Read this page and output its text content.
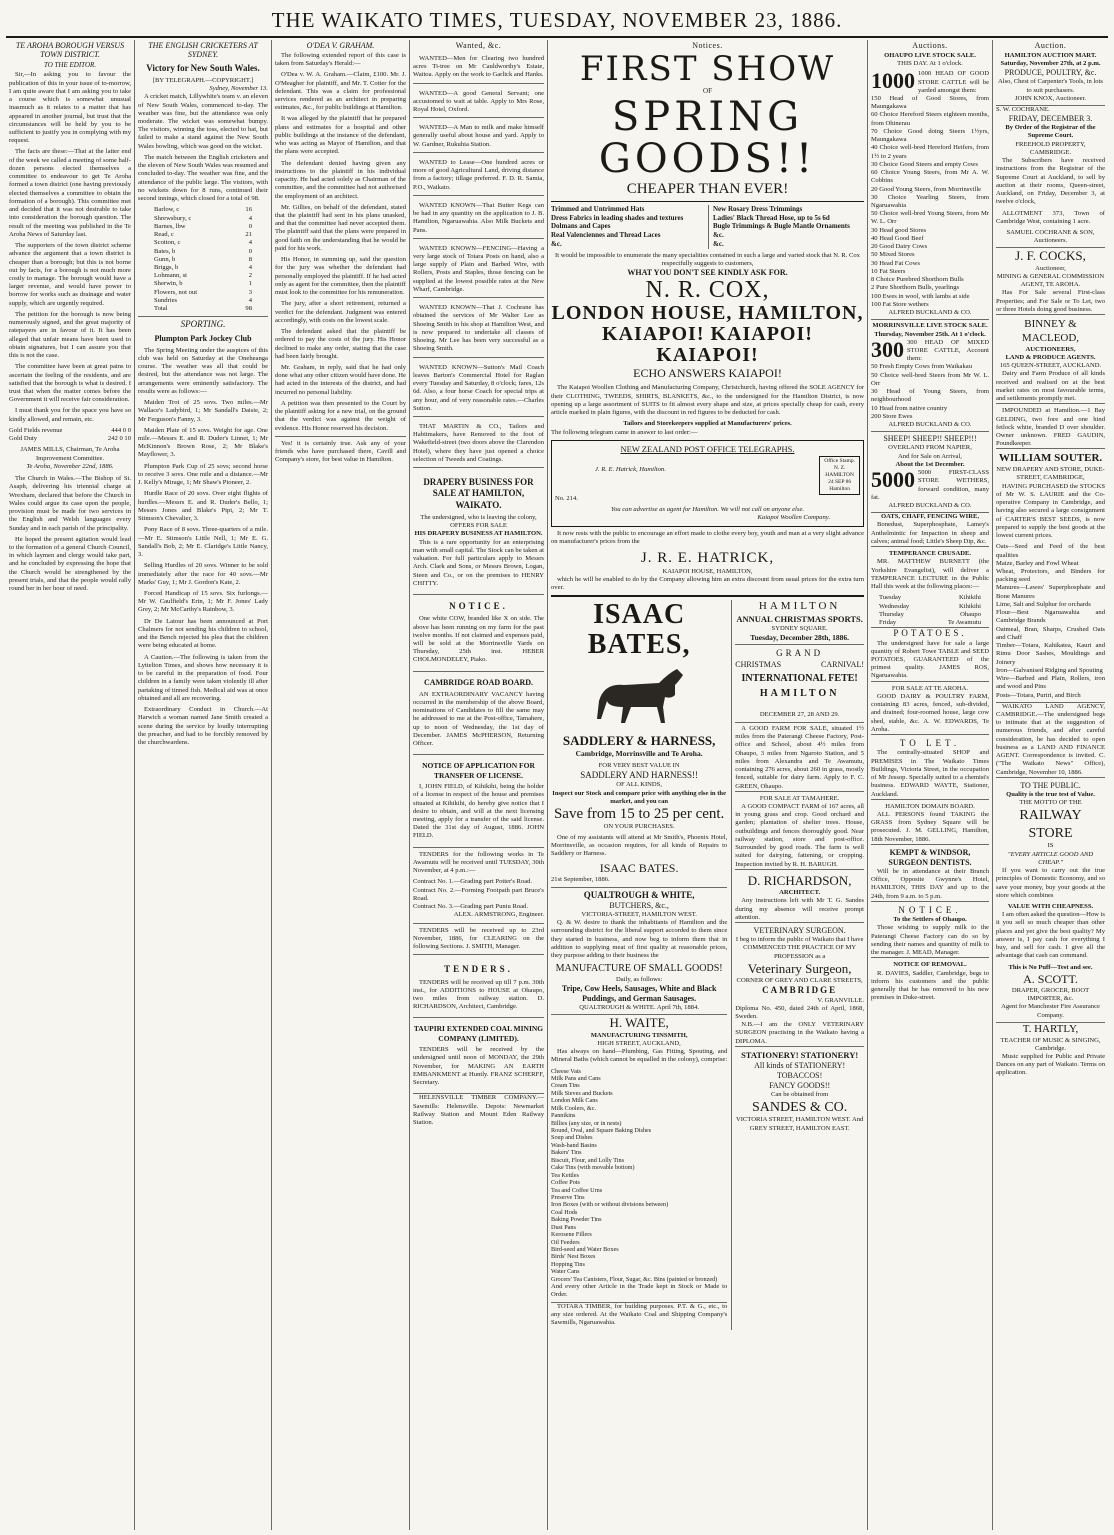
THE WAIKATO TIMES, TUESDAY, NOVEMBER 23, 1886.
TE AROHA BOROUGH VERSUS TOWN DISTRICT.
TO THE EDITOR.
Sir,—In asking you to favour the publication of this in your issue of to-morrow, I am quite aware that I am asking you to take a course which is somewhat unusual inasmuch as it relates to a matter that has appeared in another journal, but trust that the circumstances will be held by you to be sufficient to justify you in complying with my request.
The facts are these:—That at the latter end of the week we called a meeting of some half-dozen persons elected themselves a committee to endeavour to get Te Aroha formed a town district (one having previously elected themselves a committee to obtain the formation of a borough). This committee met and decided that it was not desirable to take into consideration the borough question. The result of the meeting was published in the Te Aroha News of Saturday last.
The supporters of the town district scheme advance the argument that a town district is cheaper than a borough; but this is not borne out by facts, for a borough is not much more costly to manage. The borough would have a larger revenue, and would have power to borrow for works such as drainage and water supply, which are urgently required.
The petition for the borough is now being numerously signed, and the great majority of ratepayers are in favour of it. It has been alleged that unfair means have been used to obtain signatures, but I can assure you that this is not the case.
The committee have been at great pains to ascertain the feeling of the residents, and are satisfied that the borough is what is desired. I trust that when the matter comes before the Government it will receive fair consideration.
I must thank you for the space you have so kindly allowed, and remain, etc.
Gold Fields revenue	444 0 0
Gold Duty	242 0 10
JAMES MILLS, Chairman, Te Aroha Improvement Committee.
Te Aroha, November 22nd, 1886.
The Church in Wales.—The Bishop of St. Asaph, delivering his triennial charge at Wrexham, declared that before the Church in Wales could argue its case upon the people, provision must be made for two services in the English and Welsh languages every Sunday and in each parish of the principality.
He hoped the present agitation would lead to the formation of a general Church Council, in which laymen and clergy would take part, and he concluded by expressing the hope that the Church would be strengthened by the present trials, and that the people would rally round her in her hour of need.
THE ENGLISH CRICKETERS AT SYDNEY.
Victory for New South Wales.
[BY TELEGRAPH.—COPYRIGHT.]
Sydney, November 13.
A cricket match, Lillywhite's team v. an eleven of New South Wales, commenced to-day. The weather was fine, but the attendance was only moderate. The wicket was somewhat bumpy. The visitors, winning the toss, elected to bat, but failed to make a stand against the New South Wales bowling, which was good on the wicket.
The match between the English cricketers and the eleven of New South Wales was resumed and concluded to-day. The weather was fine, and the attendance of the public large. The visitors, with no wickets down for 8 runs, continued their second innings, which closed for a total of 98.
Barlow, c	16
Shrewsbury, c	4
Barnes, lbw	0
Read, c	21
Scotton, c	4
Bates, b	0
Gunn, b	8
Briggs, b	4
Lohmann, st	2
Sherwin, b	1
Flowers, not out	3
Sundries	4
Total	98
SPORTING.
Plumpton Park Jockey Club
The Spring Meeting under the auspices of this club was held on Saturday at the Oneheanga course. The weather was all that could be desired, but the attendance was not large. The arrangements were eminently satisfactory. The results were as follows:—
Maiden Trot of 25 sovs. Two miles.—Mr Wallace's Ladybird, 1; Mr Sandall's Daisie, 2; Mr Ferguson's Fanny, 3.
Maiden Plate of 15 sovs. Weight for age. One mile.—Messrs E. and R. Duder's Linnet, 1; Mr McKinnon's Brown Rose, 2; Mr Blake's Mayflower, 3.
Plumpton Park Cup of 25 sovs; second horse to receive 3 sovs. One mile and a distance.—Mr J. Kelly's Mirage, 1; Mr Shaw's Pioneer, 2.
Hurdle Race of 20 sovs. Over eight flights of hurdles.—Messrs E. and R. Duder's Bello, 1; Messrs Jones and Blake's Pipi, 2; Mr T. Stimson's Chevalier, 3.
Pony Race of 8 sovs. Three-quarters of a mile.—Mr E. Stimson's Little Nell, 1; Mr E. G. Sandall's Bob, 2; Mr E. Claridge's Little Nancy, 3.
Selling Hurdles of 20 sovs. Winner to be sold immediately after the race for 40 sovs.—Mr Marks' Guy, 1; Mr J. Gordon's Kate, 2.
Forced Handicap of 15 sovs. Six furlongs.—Mr W. Caulfield's Erin, 1; Mr F. Jones' Lady Grey, 2; Mr McCarthy's Rainbow, 3.
Dr De Latour has been announced at Port Chalmers for not sending his children to school, and the Bench rejected his plea that the children were being educated at home.
A Caution.—The following is taken from the Lyttelton Times, and shows how necessary it is to be careful in the preparation of food. Four children in a family were taken violently ill after partaking of tinned fish. Medical aid was at once obtained and all are recovering.
Extraordinary Conduct in Church.—At Harwich a woman named Jane Smith created a scene during the service by loudly interrupting the preacher, and had to be forcibly removed by the churchwardens.
O'DEA V. GRAHAM.
The following extended report of this case is taken from Saturday's Herald:—
O'Dea v. W. A. Graham.—Claim, £100. Mr. J. O'Meagher for plaintiff, and Mr. T. Cotter for the defendant. This was a claim for professional services rendered as an architect in preparing estimates, &c., for public buildings at Hamilton.
It was alleged by the plaintiff that he prepared plans and estimates for a hospital and other public buildings at the instance of the defendant, who was acting as Mayor of Hamilton, and that the plans were accepted.
The defendant denied having given any instructions to the plaintiff in his individual capacity. He had acted solely as Chairman of the committee, and the committee had not authorised the employment of an architect.
Mr. Gillies, on behalf of the defendant, stated that the plaintiff had sent in his plans unasked, and that the committee had never accepted them. The plaintiff said that the plans were prepared in good faith on the understanding that he would be paid for his work.
His Honor, in summing up, said the question for the jury was whether the defendant had personally employed the plaintiff. If he had acted only as agent for the committee, then the plaintiff must look to the committee for his remuneration.
The jury, after a short retirement, returned a verdict for the defendant. Judgment was entered accordingly, with costs on the lowest scale.
The defendant asked that the plaintiff be ordered to pay the costs of the jury. His Honor declined to make any order, stating that the case had been fairly brought.
Mr. Graham, in reply, said that he had only done what any other citizen would have done. He had acted in the interests of the district, and had incurred no personal liability.
A petition was then presented to the Court by the plaintiff asking for a new trial, on the ground that the verdict was against the weight of evidence. His Honor reserved his decision.
Yes! it is certainly true. Ask any of your friends who have purchased there, Cavill and Company's store, for best value in Hamilton.
Wanted, &c.
WANTED—Men for Clearing two hundred acres Ti-tree on Mr Cauldworthy's Estate, Waitoa. Apply on the work to Garlick and Hanks.
WANTED—A good General Servant; one accustomed to wait at table. Apply to Mrs Rose, Royal Hotel, Oxford.
WANTED—A Man to milk and make himself generally useful about house and yard. Apply to W. Gardner, Rukuhia Station.
WANTED to Lease—One hundred acres or more of good Agricultural Land, driving distance from a factory; tillage preferred. F. D. R. Samia, P.O., Waikato.
WANTED KNOWN—That Butter Kegs can be had in any quantity on the application to J. B. Hamilton, Ngaruawahia. Also Milk Buckets and Pans.
WANTED KNOWN—FENCING—Having a very large stock of Totara Posts on hand, also a large supply of Plain and Barbed Wire, with Rollers, Posts and Staples, those fencing can be supplied at the lowest possible rates at the New Wharf, Cambridge.
WANTED KNOWN—That J. Cochrane has obtained the services of Mr Walter Lee as Shoeing Smith in his shop at Hamilton West, and is now prepared to undertake all classes of Shoeing. Mr Lee has been very successful as a Shoeing Smith.
WANTED KNOWN—Sutton's Mail Coach leaves Barton's Commercial Hotel for Raglan every Tuesday and Saturday, 8 o'clock; fares, 12s 6d. Also, a four horse Coach for special trips at any hour, and of very reasonable rates.—Charles Sutton.
THAT MARTIN & CO., Tailors and Habitmakers, have Removed to the foot of Wakefield-street (two doors above the Clarendon Hotel), where they have just opened a choice selection of Tweeds and Coatings.
DRAPERY BUSINESS FOR SALE AT HAMILTON, WAIKATO.
The undersigned, who is leaving the colony, OFFERS FOR SALE
HIS DRAPERY BUSINESS AT HAMILTON.
This is a rare opportunity for an enterprising man with small capital. The Stock can be taken at valuation. For full particulars apply to Messrs Arch. Clark and Sons, or Messrs Brown, Logan, Steen and Co., or on the premises to HENRY CHITTY.
NOTICE.
One white COW, branded like X on side. The above has been running on my farm for the past twelve months. If not claimed and expenses paid, will be sold at the Morrinsville Yards on Thursday, 25th inst. HEBER CHOLMONDELEY, Piako.
CAMBRIDGE ROAD BOARD.
AN EXTRAORDINARY VACANCY having occurred in the membership of the above Board, nominations of Candidates to fill the same may be addressed to me at the Post-office, Tamahere, up to noon of Wednesday, the 1st day of December. JAMES McPHERSON, Returning Officer.
NOTICE OF APPLICATION FOR TRANSFER OF LICENSE.
I, JOHN FIELD, of Kihikihi, being the holder of a license in respect of the house and premises situated at Kihikihi, do hereby give notice that I desire to obtain, and will at the next licensing meeting, apply for a transfer of the said license. Dated the 31st day of August, 1886. JOHN FIELD.
TENDERS for the following works in Te Awamutu will be received until TUESDAY, 30th November, at 4 p.m.:—
Contract No. 1.—Grading part Potter's Road.
Contract No. 2.—Forming Footpath part Bruce's Road.
Contract No. 3.—Grading part Puniu Road.
ALEX. ARMSTRONG, Engineer.
TENDERS will be received up to 23rd November, 1886, for CLEARING on the following Sections. J. SMITH, Manager.
TENDERS.
TENDERS will be received up till 7 p.m. 30th inst., for ADDITIONS to HOUSE at Ohaupo, two miles from railway station. D. RICHARDSON, Architect, Cambridge.
TAUPIRI EXTENDED COAL MINING COMPANY (LIMITED).
TENDERS will be received by the undersigned until noon of MONDAY, the 29th November, for MAKING AN EARTH EMBANKMENT at Huntly. FRANZ SCHERFF, Secretary.
HELENSVILLE TIMBER COMPANY.—Sawmills: Helensville. Depots: Newmarket Railway Station and Mount Eden Railway Station.
Notices.
FIRST SHOW
OF
SPRING GOODS!!
CHEAPER THAN EVER!
Trimmed and Untrimmed Hats
Dress Fabrics in leading shades and textures
Dolmans and Capes
Real Valenciennes and Thread Laces
&c.
New Rosary Dress Trimmings
Ladies' Black Thread Hose, up to 5s 6d
Bugle Trimmings & Bugle Mantle Ornaments
&c.
&c.
It would be impossible to enumerate the many specialities contained in such a large and varied stock that N. R. Cox respectfully suggests to customers,
WHAT YOU DON'T SEE KINDLY ASK FOR.
N. R. COX,
LONDON HOUSE, HAMILTON,
KAIAPOI! KAIAPOI! KAIAPOI!
ECHO ANSWERS KAIAPOI!
The Kaiapoi Woollen Clothing and Manufacturing Company, Christchurch, having offered the SOLE AGENCY for their CLOTHING, TWEEDS, SHIRTS, BLANKETS, &c., to the undersigned for the Hamilton District, is now opening up a large assortment of SUITS to fit almost every shape and size, at prices specially cheap for cash, every article marked in plain figures, with the discount in red figures to be deducted for cash.
Tailors and Storekeepers supplied at Manufacturers' prices.
The following telegram came in answer to last order:—
NEW ZEALAND POST OFFICE TELEGRAPHS.
J. R. E. Hatrick, Hamilton.
Office Stamp.
N. Z.
HAMILTON
24 SEP 86
Hamilton
No. 214.
You can advertise as agent for Hamilton. We will not call on anyone else.
Kaiapoi Woollen Company.
It now rests with the public to encourage an effort made to clothe every boy, youth and man at a very slight advance on manufacturer's prices from the
J. R. E. HATRICK,
KAIAPOI HOUSE, HAMILTON,
which he will be enabled to do by the Company allowing him an extra discount from usual prices for the extra turn over.
ISAAC BATES,
SADDLERY & HARNESS,
Cambridge, Morrinsville and Te Aroha.
FOR VERY BEST VALUE IN
SADDLERY AND HARNESS!!
OF ALL KINDS,
Inspect our Stock and compare price with anything else in the market, and you can
Save from 15 to 25 per cent.
ON YOUR PURCHASES.
One of my assistants will attend at Mr Smith's, Phoenix Hotel, Morrinsville, as occasion requires, for all kinds of Repairs to Saddlery or Harness.
ISAAC BATES.
21st September, 1886.
QUALTROUGH & WHITE,
BUTCHERS, &c.,
VICTORIA-STREET, HAMILTON WEST.
Q. & W. desire to thank the inhabitants of Hamilton and the surrounding district for the liberal support accorded to them since they started in business, and now beg to inform them that in addition to supplying meat of first quality at reasonable prices, they purpose adding to their business the
MANUFACTURE OF SMALL GOODS!
Daily, as follows:
Tripe, Cow Heels, Sausages, White and Black Puddings, and German Sausages.
QUALTROUGH & WHITE. April 7th, 1884.
H. WAITE,
MANUFACTURING TINSMITH,
HIGH STREET, AUCKLAND,
Has always on hand—Plumbing, Gas Fitting, Spouting, and Mineral Baths (which cannot be equalled in the colony), comprise:
Cheese Vats
Milk Pans and Cans
Cream Tins
Milk Sieves and Buckets
London Milk Cans
Milk Coolers, &c.
Pannikins
Billies (any size, or in nests)
Round, Oval, and Square Baking Dishes
Soup and Dishes
Wash-hand Basins
Bakers' Tins
Biscuit, Flour, and Lolly Tins
Cake Tins (with movable bottom)
Tea Kettles
Coffee Pots
Tea and Coffee Urns
Preserve Tins
Iron Boxes (with or without divisions between)
Coal Hods
Baking Powder Tins
Dust Pans
Kerosene Fillers
Oil Feeders
Bird-seed and Water Boxes
Birds' Nest Boxes
Hopping Tins
Water Cans
Grocers' Tea Canisters, Flour, Sugar, &c. Bins (painted or bronzed)
And every other Article in the Trade kept in Stock or Made to Order.
TOTARA TIMBER, for building purposes. P.T. & G., etc., to any size ordered. At the Waikato Coal and Shipping Company's Sawmills, Ngaruawahia.
HAMILTON
ANNUAL CHRISTMAS SPORTS.
SYDNEY SQUARE.
Tuesday, December 28th, 1886.
GRAND
CHRISTMAS	CARNIVAL!
INTERNATIONAL FETE!
HAMILTON
DECEMBER 27, 28 AND 29.
A GOOD FARM FOR SALE, situated 1½ miles from the Paterangi Cheese Factory, Post-office and School, about 4½ miles from Ohaupo, 3 miles from Ngaroto Station, and 5 miles from Alexandra and Te Awamutu, containing 276 acres, about 260 in grass, mostly fenced, suitable for dairy farm. Apply to F. C. GREEN, Ohaupo.
FOR SALE AT TAMAHERE.
A GOOD COMPACT FARM of 167 acres, all in young grass and crop. Good orchard and garden; plantation of shelter trees. House, outbuildings and fences thoroughly good. Near railway station, store and post-office. Surrounded by good roads. The farm is well suited for dairying, fattening, or cropping. Inspection invited by R. H. BARUGH.
D. RICHARDSON,
ARCHITECT.
Any instructions left with Mr T. G. Sandes during my absence will receive prompt attention.
VETERINARY SURGEON.
I beg to inform the public of Waikato that I have COMMENCED THE PRACTICE OF MY PROFESSION as a
Veterinary Surgeon,
CORNER OF GREY AND CLARE STREETS,
CAMBRIDGE
V. GRANVILLE.
Diploma No. 450, dated 24th of April, 1868, Sweden.
N.B.—I am the ONLY VETERINARY SURGEON practising in the Waikato having a DIPLOMA.
STATIONERY! STATIONERY!
All kinds of STATIONERY!
TOBACCOS!
FANCY GOODS!!
Can be obtained from
SANDES & CO.
VICTORIA STREET, HAMILTON WEST. And GREY STREET, HAMILTON EAST.
Auctions.
OHAUPO LIVE STOCK SALE.
THIS DAY. At 1 o'clock.
1000 1000 HEAD OF GOOD STORE CATTLE will be yarded amongst them:
150 Head of Good Stores, from Maungakawa
60 Choice Hereford Steers eighteen months, from Ohinerau
70 Choice Good doing Steers 1½yrs, Maungakawa
40 Choice well-bred Hereford Heifers, from 1½ to 2 years
30 Choice Good Steers and empty Cows
60 Choice Young Steers, from Mr A. W. Cobbins
20 Good Young Steers, from Morrinsville
30 Choice Yearling Steers, from Ngaruawahia
50 Choice well-bred Young Steers, from Mr W. L. Orr
30 Head good Stores
40 Head Good Beef
20 Good Dairy Cows
50 Mixed Stores
30 Head Fat Cows
10 Fat Steers
8 Choice Purebred Shorthorn Bulls
2 Pure Shorthorn Bulls, yearlings
100 Ewes in wool, with lambs at side
100 Fat Store wethers
ALFRED BUCKLAND & CO.
MORRINSVILLE LIVE STOCK SALE.
Thursday, November 25th. At 1 o'clock.
300 300 HEAD OF MIXED STORE CATTLE, Account them:
50 Fresh Empty Cows from Waikakau
50 Choice well-bred Steers from Mr W. L. Orr
30 Head of Young Steers, from neighbourhood
10 Head from native country
200 Store Ewes
ALFRED BUCKLAND & CO.
SHEEP! SHEEP!! SHEEP!!!
OVERLAND FROM NAPIER,
And for Sale on Arrival,
About the 1st December.
5000 5000 FIRST-CLASS STORE WETHERS, forward condition, many fat.
ALFRED BUCKLAND & CO.
OATS, CHAFF, FENCING WIRE,
Bonedust, Superphosphate, Lamey's Anthelmintic for Impaction in sheep and calves; animal food; Little's Sheep Dip, &c.
TEMPERANCE CRUSADE.
MR. MATTHEW BURNETT (the Yorkshire Evangelist), will deliver a TEMPERANCE LECTURE in the Public Hall this week at the following places:—
Tuesday	Kihikihi
Wednesday	Kihikihi
Thursday	Ohaupo
Friday	Te Awamutu
POTATOES.
The undersigned have for sale a large quantity of Robert Towe TABLE and SEED POTATOES, GUARANTEED of the primest quality. JAMES ROS, Ngaruawahia.
FOR SALE AT TE AROHA.
GOOD DAIRY & POULTRY FARM, containing 83 acres, fenced, sub-divided, and drained; four-roomed house, large cow shed, stable, &c. A. W. EDWARDS, Te Aroha.
TO LET.
The centrally-situated SHOP and PREMISES in The Waikato Times Buildings, Victoria Street, in the occupation of Mr Jessop. Specially suited to a chemist's business. EDWARD WAYTE, Stationer, Auckland.
HAMILTON DOMAIN BOARD.
ALL PERSONS found TAKING the GRASS from Sydney Square will be prosecuted. J. M. GELLING, Hamilton, 18th November, 1886.
KEMPT & WINDSOR, SURGEON DENTISTS.
Will be in attendance at their Branch Office, Opposite Gwynne's Hotel, HAMILTON, THIS DAY and up to the 24th, from 9 a.m. to 5 p.m.
NOTICE.
To the Settlers of Ohaupo.
Those wishing to supply milk to the Paterangi Cheese Factory can do so by sending their names and quantity of milk to the manager. J. MEAD, Manager.
NOTICE OF REMOVAL.
R. DAVIES, Saddler, Cambridge, begs to inform his customers and the public generally that he has removed to his new premises in Duke-street.
Auction.
HAMILTON AUCTION MART.
Saturday, November 27th, at 2 p.m.
PRODUCE, POULTRY, &c.
Also, Chest of Carpenter's Tools, in lots to suit purchasers.
JOHN KNOX, Auctioneer.
S. W. COCHRANE.
FRIDAY, DECEMBER 3.
By Order of the Registrar of the Supreme Court.
FREEHOLD PROPERTY, CAMBRIDGE.
The Subscribers have received instructions from the Registrar of the Supreme Court at Auckland, to sell by auction at their rooms, Queen-street, Auckland, on Friday, December 3, at twelve o'clock,
ALLOTMENT 373, Town of Cambridge West, containing 1 acre.
SAMUEL COCHRANE & SON, Auctioneers.
J. F. COCKS,
Auctioneer,
MINING & GENERAL COMMISSION AGENT, TE AROHA.
Has For Sale several First-class Properties; and For Sale or To Let, two or three Hotels doing good business.
BINNEY & MACLEOD,
AUCTIONEERS,
LAND & PRODUCE AGENTS.
165 QUEEN-STREET, AUCKLAND.
Dairy and Farm Produce of all kinds received and realised on at the best market rates on most favourable terms, and settlements promptly met.
IMPOUNDED at Hamilton.—1 Bay GELDING, two fore and one hind fetlock white, branded D over shoulder. Owner unknown. FRED GAUDIN, Poundkeeper.
WILLIAM SOUTER.
NEW DRAPERY AND STORE, DUKE-STREET, CAMBRIDGE,
HAVING PURCHASED the STOCKS of Mr W. S. LAURIE and the Co-operative Company in Cambridge, and having also secured a large consignment of CARTER'S BEST SEEDS, is now prepared to supply the best goods at the lowest current prices.
Oats—Seed and Feed of the best qualities
Maize, Barley and Fowl Wheat
Wheat, Protectors, and Binders for packing seed
Manures—Lawes' Superphosphate and Bone Manures
Lime, Salt and Sulphur for orchards
Flour—Best Ngaruawahia and Cambridge Brands
Oatmeal, Bran, Sharps, Crushed Oats and Chaff
Timber—Totara, Kahikatea, Kauri and Rimu Door Sashes, Mouldings and Joinery
Iron—Galvanised Ridging and Spouting
Wire—Barbed and Plain, Rollers, iron and wood and Pins
Posts—Totara, Puriri, and Birch
WAIKATO LAND AGENCY, CAMBRIDGE.—The undersigned begs to intimate that at the suggestion of numerous friends, and after careful consideration, he has decided to open business as a LAND AND FINANCE AGENT. Correspondence is invited. C. ("The Waikato News" Office), Cambridge, November 10, 1886.
TO THE PUBLIC.
Quality is the true test of Value.
THE MOTTO OF THE
RAILWAY STORE
IS
"EVERY ARTICLE GOOD AND CHEAP."
If you want to carry out the true principles of Domestic Economy, and so save your money, buy your goods at the store which combines
VALUE WITH CHEAPNESS.
I am often asked the question—How is it you sell so much cheaper than other places and yet give the best quality? My answer is, I pay cash for everything I buy, and sell for cash. I give all the advantage that cash can command.
This is No Puff—Test and see.
A. SCOTT.
DRAPER, GROCER, BOOT IMPORTER, &c.
Agent for Manchester Fire Assurance Company.
T. HARTLY,
TEACHER OF MUSIC & SINGING, Cambridge.
Music supplied for Public and Private Dances on any part of Waikato. Terms on application.
